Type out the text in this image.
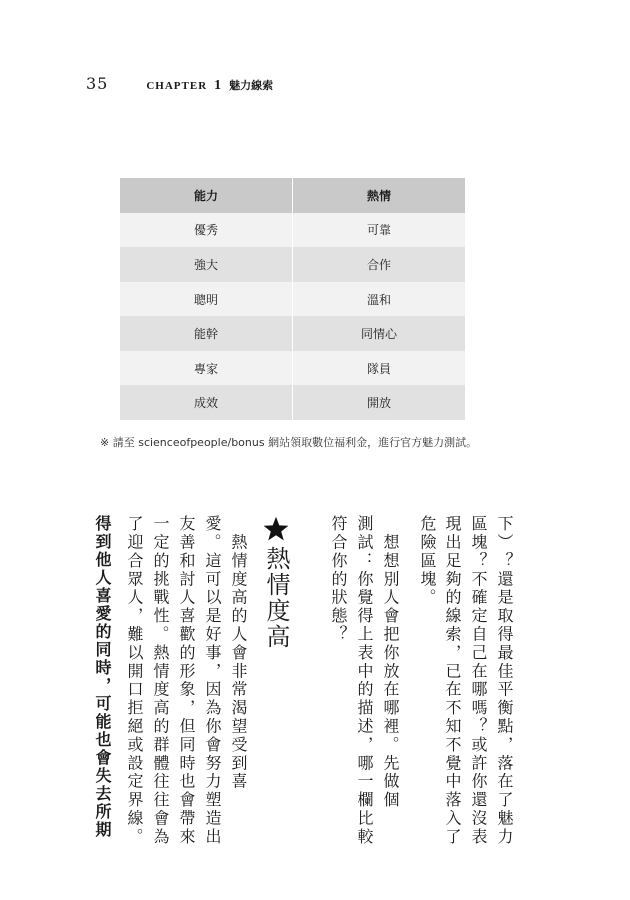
35	CHAPTER 1 魅力線索
能力	熱情
優秀	可靠
強大	合作
聰明	溫和
能幹	同情心
專家	隊員
成效	開放
※ 請至 scienceofpeople/bonus 網站領取數位福利金，進行官方魅力測試。
下）？還是取得最佳平衡點，落在了魅力
區塊？不確定自己在哪嗎？或許你還沒表
現出足夠的線索，已在不知不覺中落入了
危險區塊。
　想想別人會把你放在哪裡。先做個
測試：你覺得上表中的描述，哪一欄比較
符合你的狀態？
熱情度高
　熱情度高的人會非常渴望受到喜
愛。這可以是好事，因為你會努力塑造出
友善和討人喜歡的形象，但同時也會帶來
一定的挑戰性。熱情度高的群體往往會為
了迎合眾人，難以開口拒絕或設定界線。
得到他人喜愛的同時，可能也會失去所期
